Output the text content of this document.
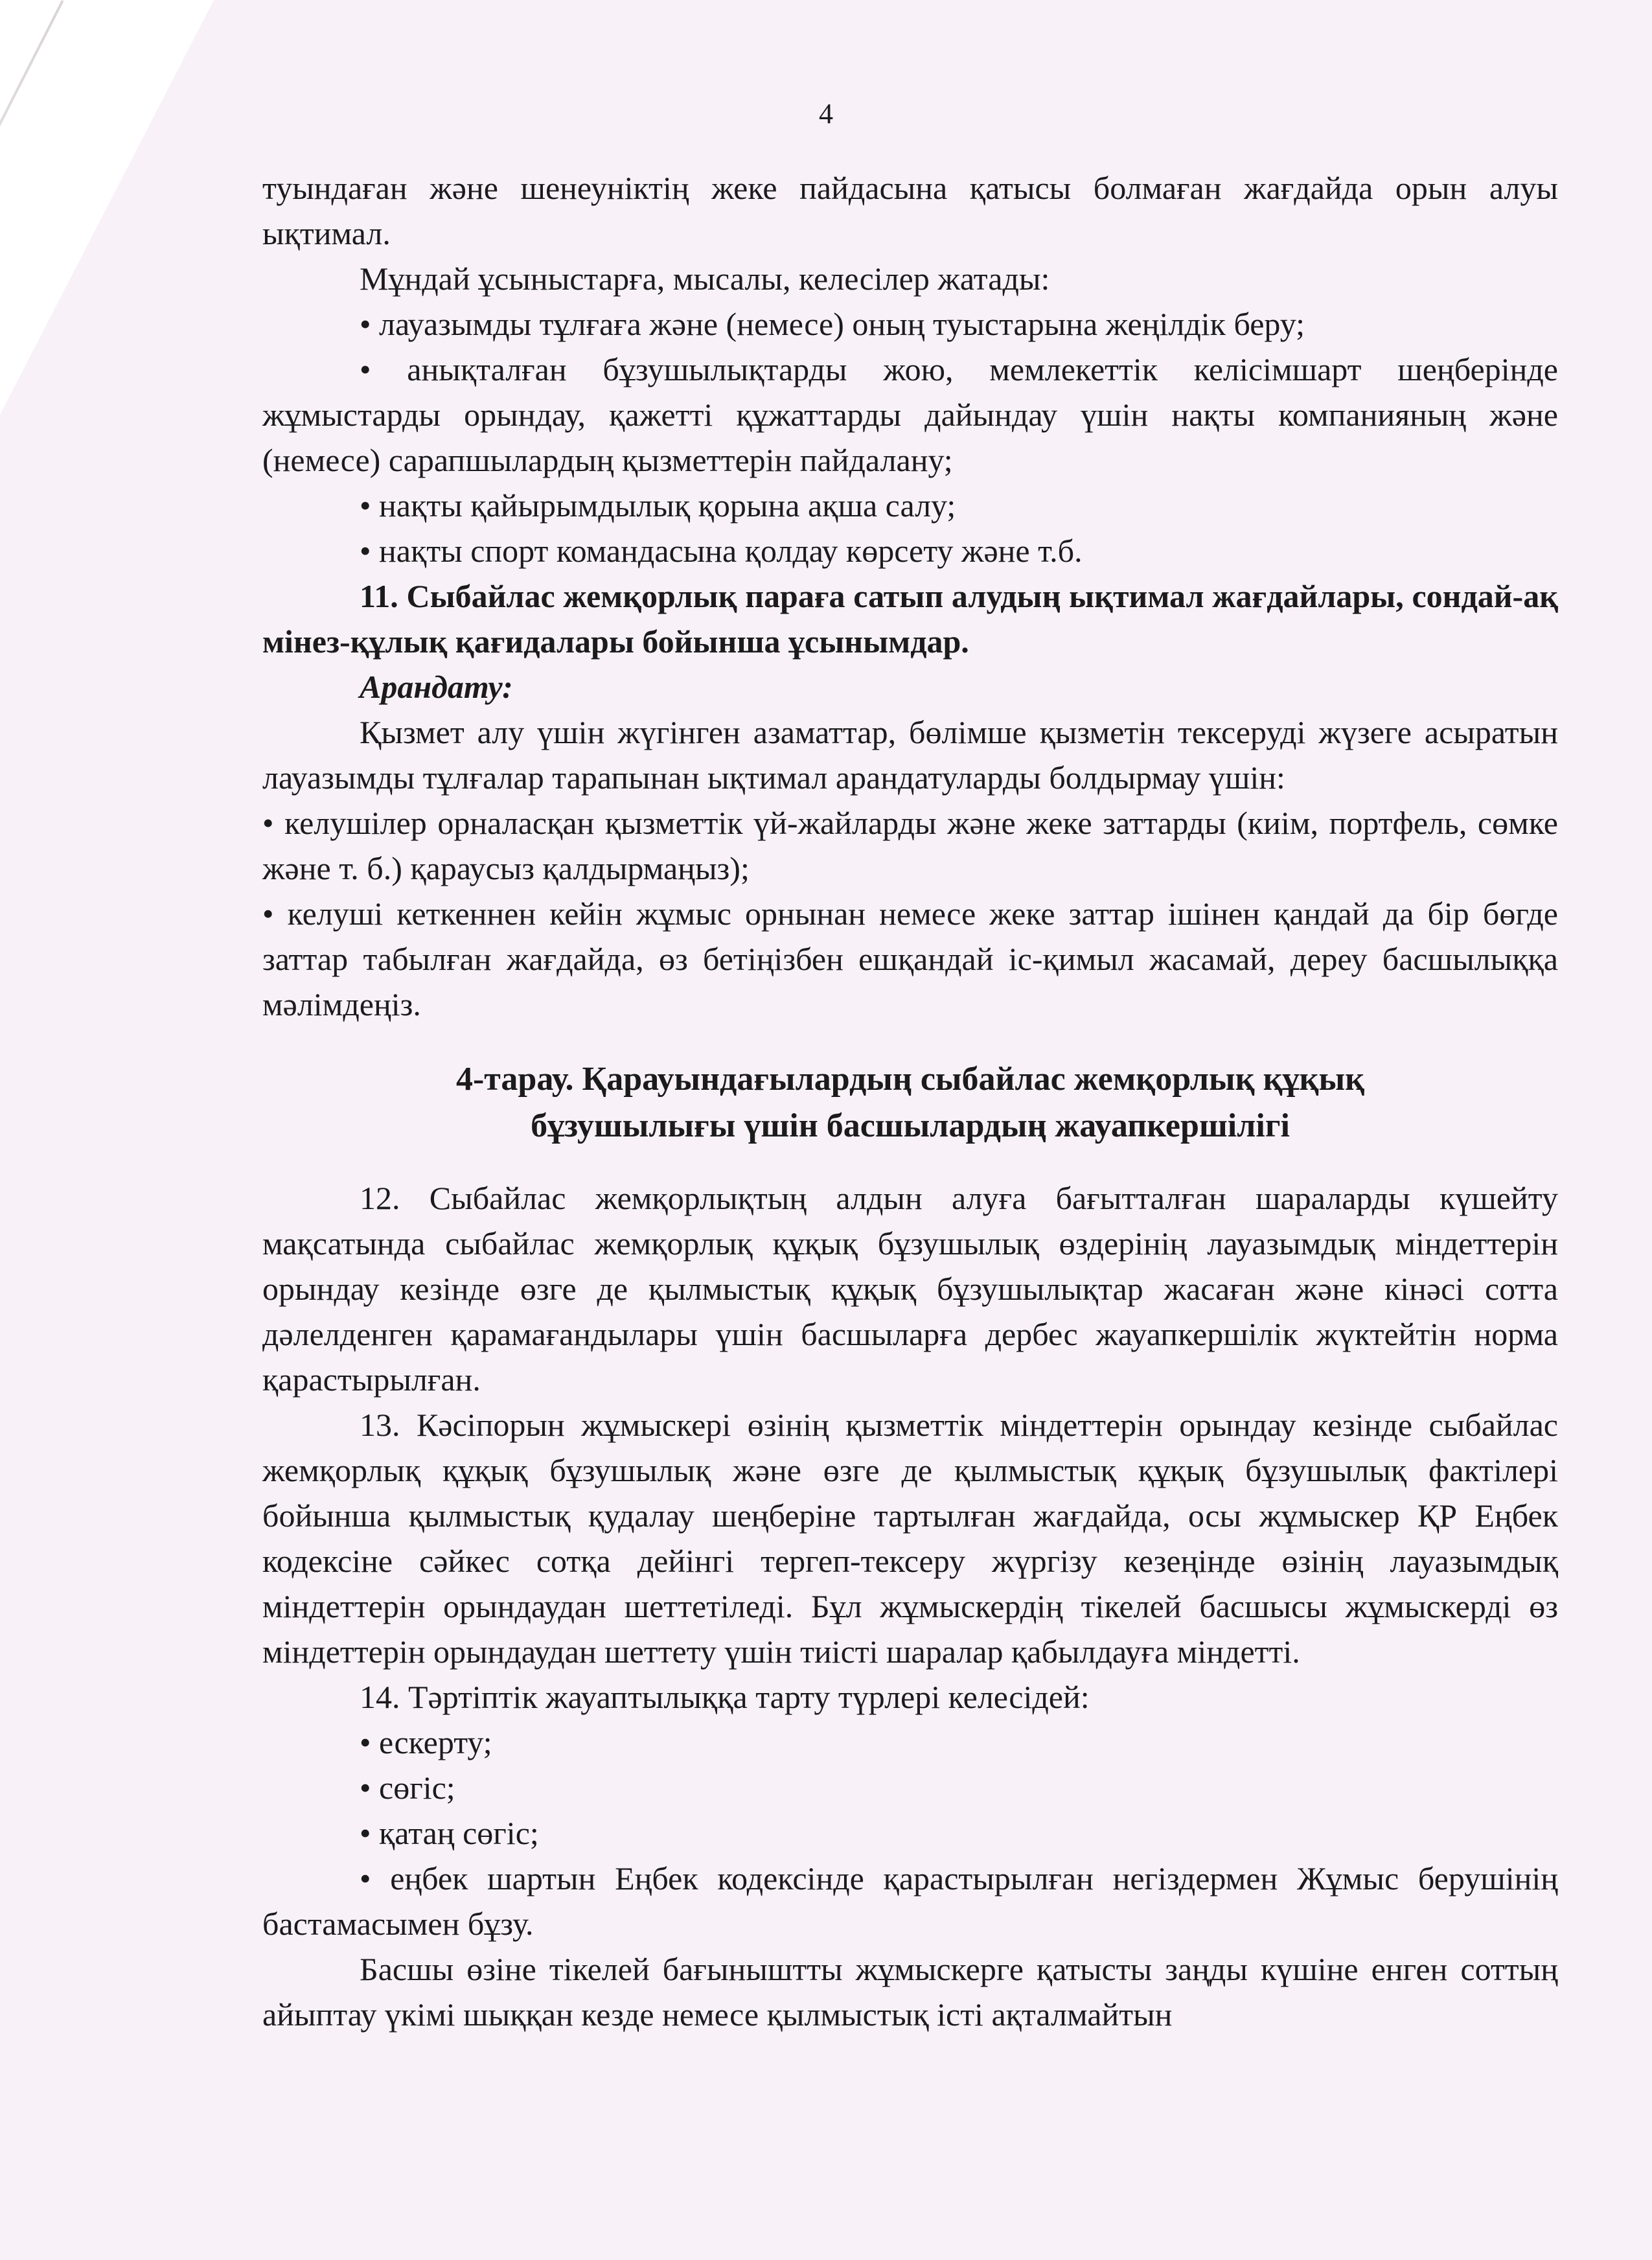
4

туындаған және шенеуніктің жеке пайдасына қатысы болмаған жағдайда орын алуы ықтимал.

Мұндай ұсыныстарға, мысалы, келесілер жатады:

• лауазымды тұлғаға және (немесе) оның туыстарына жеңілдік беру;

• анықталған бұзушылықтарды жою, мемлекеттік келісімшарт шеңберінде жұмыстарды орындау, қажетті құжаттарды дайындау үшін нақты компанияның және (немесе) сарапшылардың қызметтерін пайдалану;

• нақты қайырымдылық қорына ақша салу;

• нақты спорт командасына қолдау көрсету және т.б.

11. Сыбайлас жемқорлық параға сатып алудың ықтимал жағдайлары, сондай-ақ мінез-құлық қағидалары бойынша ұсынымдар.

Арандату:

Қызмет алу үшін жүгінген азаматтар, бөлімше қызметін тексеруді жүзеге асыратын лауазымды тұлғалар тарапынан ықтимал арандатуларды болдырмау үшін:

• келушілер орналасқан қызметтік үй-жайларды және жеке заттарды (киім, портфель, сөмке және т. б.) қараусыз қалдырмаңыз);

• келуші кеткеннен кейін жұмыс орнынан немесе жеке заттар ішінен қандай да бір бөгде заттар табылған жағдайда, өз бетіңізбен ешқандай іс-қимыл жасамай, дереу басшылыққа мәлімдеңіз.

4-тарау. Қарауындағылардың сыбайлас жемқорлық құқық
бұзушылығы үшін басшылардың жауапкершілігі

12. Сыбайлас жемқорлықтың алдын алуға бағытталған шараларды күшейту мақсатында сыбайлас жемқорлық құқық бұзушылық өздерінің лауазымдық міндеттерін орындау кезінде өзге де қылмыстық құқық бұзушылықтар жасаған және кінәсі сотта дәлелденген қарамағандылары үшін басшыларға дербес жауапкершілік жүктейтін норма қарастырылған.

13. Кәсіпорын жұмыскері өзінің қызметтік міндеттерін орындау кезінде сыбайлас жемқорлық құқық бұзушылық және өзге де қылмыстық құқық бұзушылық фактілері бойынша қылмыстық қудалау шеңберіне тартылған жағдайда, осы жұмыскер ҚР Еңбек кодексіне сәйкес сотқа дейінгі тергеп-тексеру жүргізу кезеңінде өзінің лауазымдық міндеттерін орындаудан шеттетіледі. Бұл жұмыскердің тікелей басшысы жұмыскерді өз міндеттерін орындаудан шеттету үшін тиісті шаралар қабылдауға міндетті.

14. Тәртіптік жауаптылыққа тарту түрлері келесідей:

• ескерту;

• сөгіс;

• қатаң сөгіс;

• еңбек шартын Еңбек кодексінде қарастырылған негіздермен Жұмыс берушінің бастамасымен бұзу.

Басшы өзіне тікелей бағыныштты жұмыскерге қатысты заңды күшіне енген соттың айыптау үкімі шыққан кезде немесе қылмыстық істі ақталмайтын
